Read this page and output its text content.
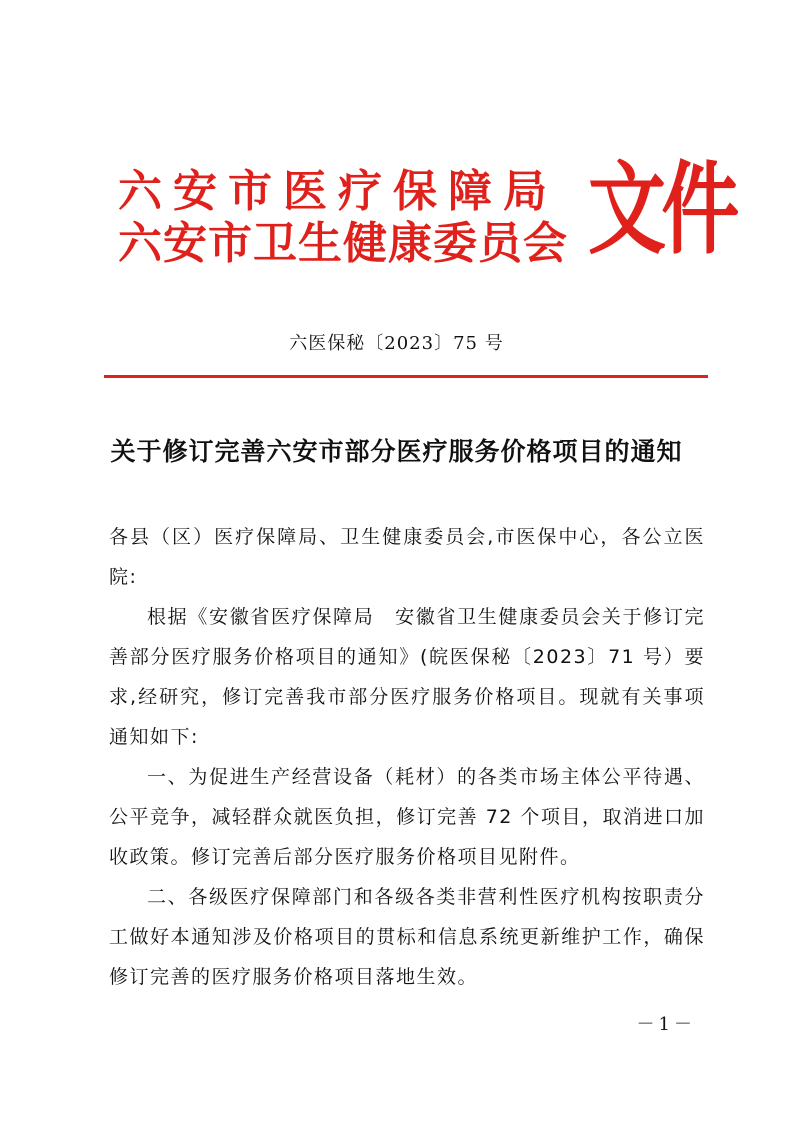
六安市医疗保障局
六安市卫生健康委员会 文件
六医保秘〔2023〕75 号
关于修订完善六安市部分医疗服务价格项目的通知

各县（区）医疗保障局、卫生健康委员会,市医保中心，各公立医院:

根据《安徽省医疗保障局　安徽省卫生健康委员会关于修订完善部分医疗服务价格项目的通知》(皖医保秘〔2023〕71 号）要求,经研究，修订完善我市部分医疗服务价格项目。现就有关事项通知如下:

一、为促进生产经营设备（耗材）的各类市场主体公平待遇、公平竞争，减轻群众就医负担，修订完善 72 个项目，取消进口加收政策。修订完善后部分医疗服务价格项目见附件。

二、各级医疗保障部门和各级各类非营利性医疗机构按职责分工做好本通知涉及价格项目的贯标和信息系统更新维护工作，确保修订完善的医疗服务价格项目落地生效。

－1－
